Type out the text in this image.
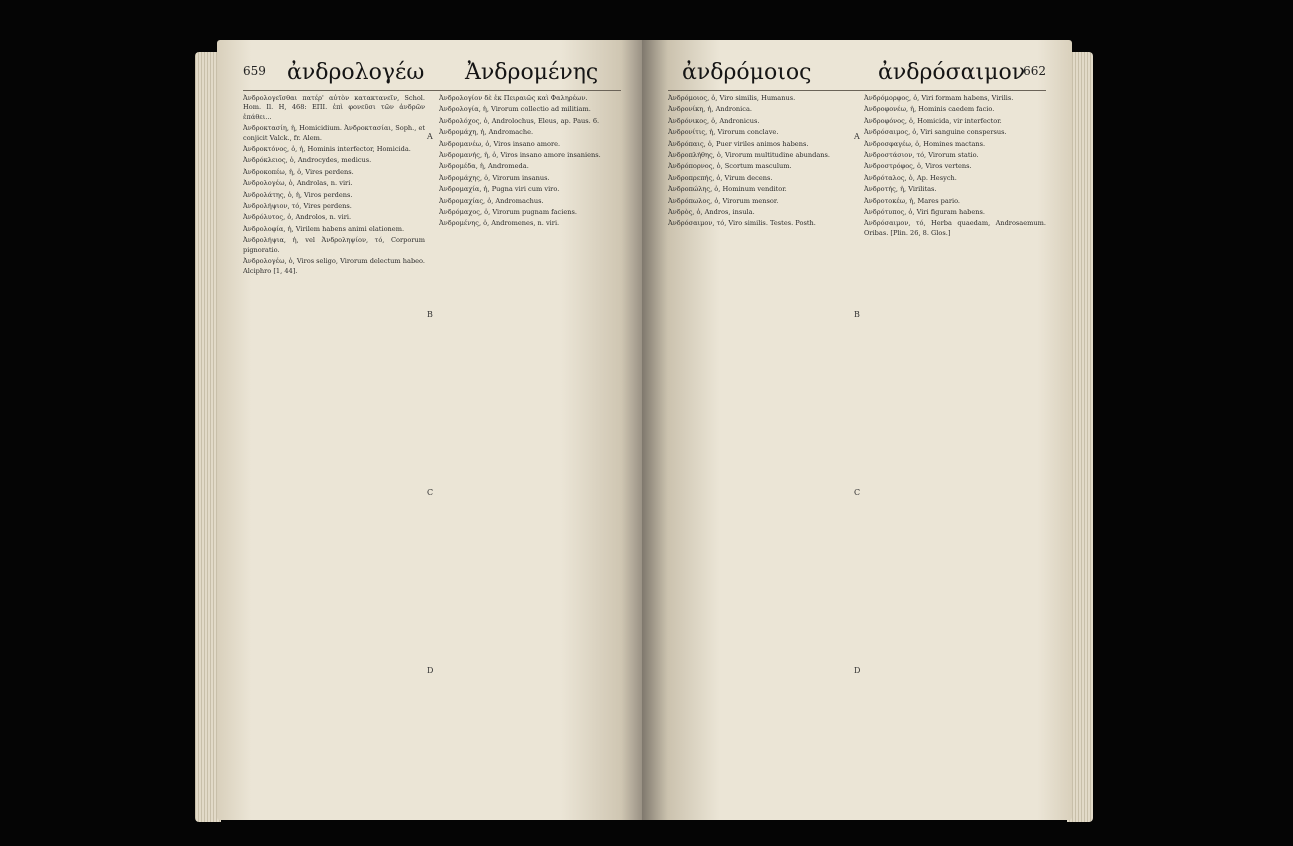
659 ἀνδρολογέω Ἀνδρομένης
A
B
C
D

Ἀνδρολογεῖσθαι πατέρ' αὐτὸν κατακτανεῖν, Schol. Hom. Il. H, 468: ΕΠΙ. ἐπὶ φονεῦσι τῶν ἀνδρῶν ἐπάθει...

Ἀνδροκτασίη, ἡ, Homicidium. Ἀνδροκτασίαι, Soph., et conjicit Valck., fr. Alem.

Ἀνδροκτόνος, ὁ, ἡ, Hominis interfector, Homicida.

Ἀνδρόκλειος, ὁ, Androcydes, medicus.

Ἀνδροκοπέω, ἡ, ὁ, Vires perdens.

Ἀνδρολογέω, ὁ, Androlas, n. viri.

Ἀνδρολάτης, ὁ, ἡ, Viros perdens.

Ἀνδρολήψιον, τό, Vires perdens.

Ἀνδρόλυτος, ὁ, Androlos, n. viri.

Ἀνδρολοφία, ἡ, Virilem habens animi elationem.

Ἀνδρολήψια, ἡ, vel Ἀνδροληψίον, τό, Corporum pignoratio.

Ἀνδρολογέω, ὁ, Viros seligo, Virorum delectum habeo. Alciphro [1, 44].

Ἀνδρολογίον δὲ ἐκ Πειραιῶς καὶ Φαληρέων.

Ἀνδρολογία, ἡ, Virorum collectio ad militiam.

Ἀνδρολόχος, ὁ, Androlochus, Eleus, ap. Paus. 6.

Ἀνδρομάχη, ἡ, Andromache.

Ἀνδρομανέω, ὁ, Viros insano amore.

Ἀνδρομανής, ἡ, ὁ, Viros insano amore insaniens.

Ἀνδρομέδα, ἡ, Andromeda.

Ἀνδρομάχης, ὁ, Virorum insanus.

Ἀνδρομαχία, ἡ, Pugna viri cum viro.

Ἀνδρομαχίας, ὁ, Andromachus.

Ἀνδρόμαχος, ὁ, Virorum pugnam faciens.

Ἀνδρομένης, ὁ, Andromenes, n. viri.

662
ἀνδρόμοιος	ἀνδρόσαιμον
A
B
C
D

Ἀνδρόμοιος, ὁ, Viro similis, Humanus.

Ἀνδρονίκη, ἡ, Andronica.

Ἀνδρόνικος, ὁ, Andronicus.

Ἀνδρονίτις, ἡ, Virorum conclave.

Ἀνδρόπαις, ὁ, Puer viriles animos habens.

Ἀνδροπλήθης, ὁ, Virorum multitudine abundans.

Ἀνδρόπορνος, ὁ, Scortum masculum.

Ἀνδροπρεπής, ὁ, Virum decens.

Ἀνδροπώλης, ὁ, Hominum venditor.

Ἀνδρόπωλος, ὁ, Virorum mensor.

Ἀνδρὸς, ὁ, Andros, insula.

Ἀνδρόσαιμον, τό, Viro similis. Testes. Posth.

Ἀνδρόμορφος, ὁ, Viri formam habens, Virilis.

Ἀνδροφονέω, ἡ, Hominis caedem facio.

Ἀνδροφόνος, ὁ, Homicida, vir interfector.

Ἀνδρόσαιμος, ὁ, Viri sanguine conspersus.

Ἀνδροσφαγέω, ὁ, Homines mactans.

Ἀνδροστάσιον, τό, Virorum statio.

Ἀνδροστρόφος, ὁ, Viros vertens.

Ἀνδρόταλος, ὁ, Ap. Hesych.

Ἀνδροτής, ἡ, Virilitas.

Ἀνδροτοκέω, ἡ, Mares pario.

Ἀνδρότυπος, ὁ, Viri figuram habens.

Ἀνδρόσαιμον, τό, Herba quaedam, Androsaemum. Oribas. [Plin. 26, 8. Glos.]
